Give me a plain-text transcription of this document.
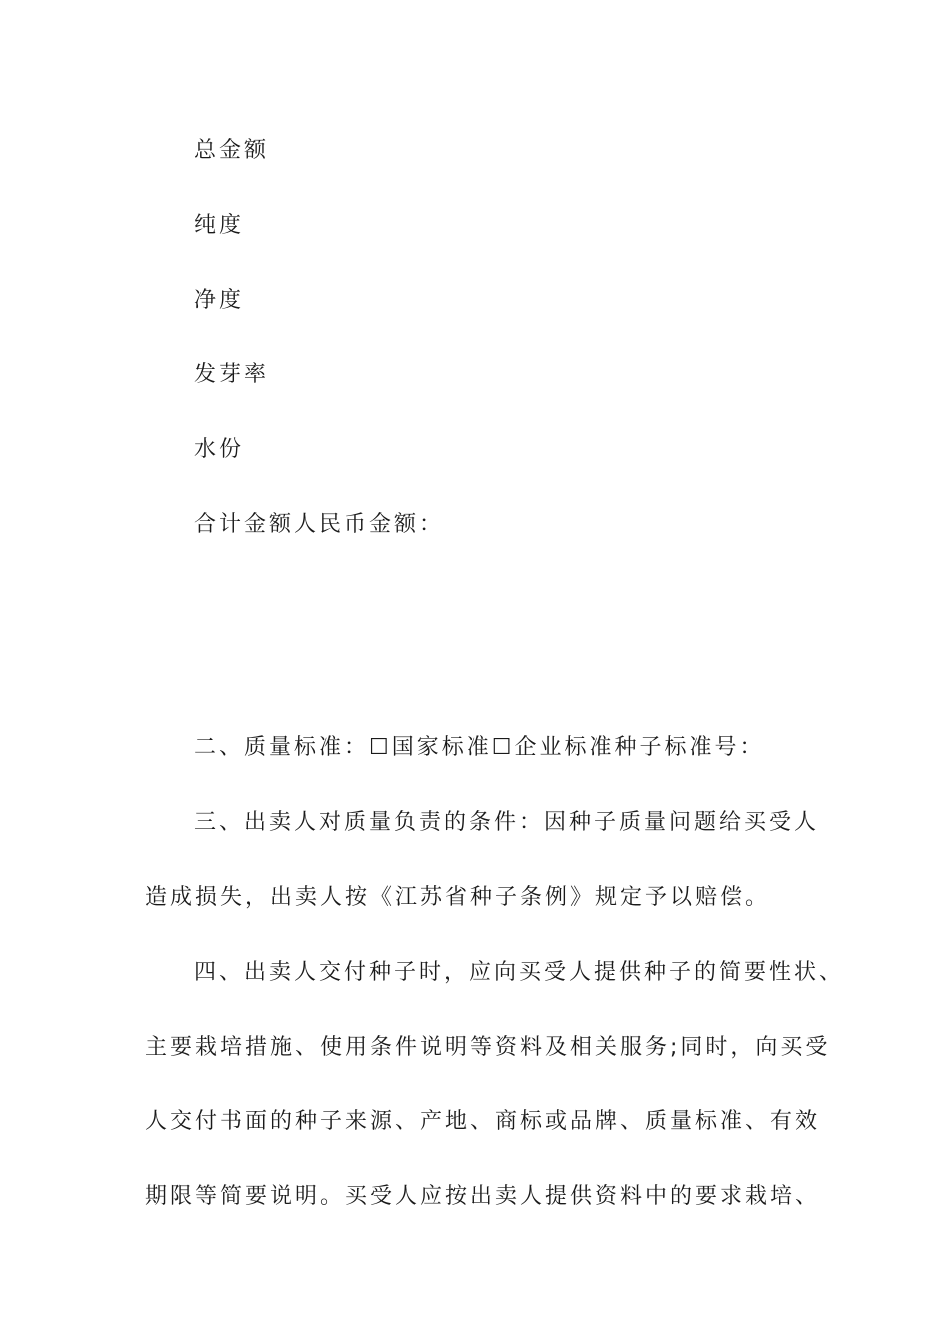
总金额
纯度
净度
发芽率
水份
合计金额人民币金额：
二、质量标准：☐国家标准☐企业标准种子标准号：
三、出卖人对质量负责的条件：因种子质量问题给买受人
造成损失，出卖人按《江苏省种子条例》规定予以赔偿。
四、出卖人交付种子时，应向买受人提供种子的简要性状、
主要栽培措施、使用条件说明等资料及相关服务;同时，向买受
人交付书面的种子来源、产地、商标或品牌、质量标准、有效
期限等简要说明。买受人应按出卖人提供资料中的要求栽培、
